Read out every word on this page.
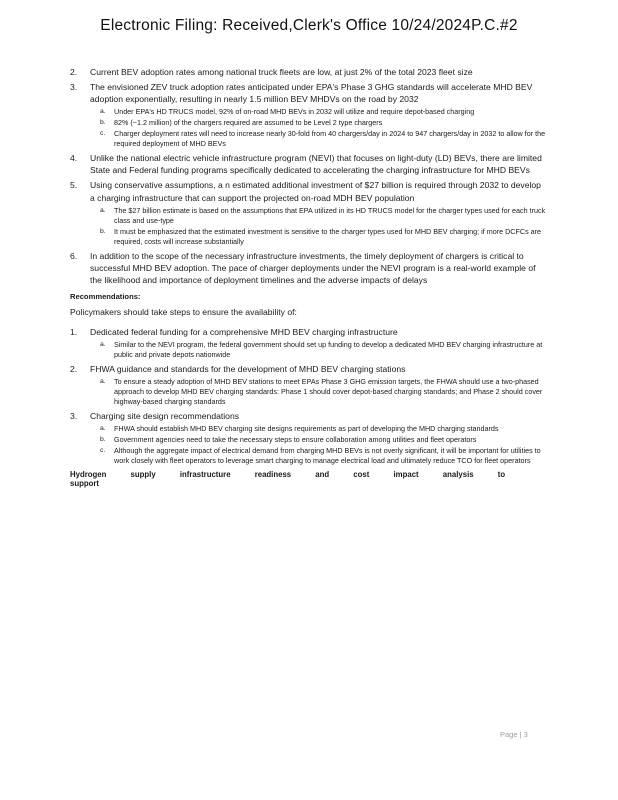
Electronic Filing: Received,Clerk's Office 10/24/2024P.C.#2
2. Current BEV adoption rates among national truck fleets are low, at just 2% of the total 2023 fleet size
3. The envisioned ZEV truck adoption rates anticipated under EPA's Phase 3 GHG standards will accelerate MHD BEV adoption exponentially, resulting in nearly 1.5 million BEV MHDVs on the road by 2032
a. Under EPA's HD TRUCS model, 92% of on-road MHD BEVs in 2032 will utilize and require depot-based charging
b. 82% (~1.2 million) of the chargers required are assumed to be Level 2 type chargers
c. Charger deployment rates will need to increase nearly 30-fold from 40 chargers/day in 2024 to 947 chargers/day in 2032 to allow for the required deployment of MHD BEVs
4. Unlike the national electric vehicle infrastructure program (NEVI) that focuses on light-duty (LD) BEVs, there are limited State and Federal funding programs specifically dedicated to accelerating the charging infrastructure for MHD BEVs
5. Using conservative assumptions, a n estimated additional investment of $27 billion is required through 2032 to develop a charging infrastructure that can support the projected on-road MDH BEV population
a. The $27 billion estimate is based on the assumptions that EPA utilized in its HD TRUCS model for the charger types used for each truck class and use-type
b. It must be emphasized that the estimated investment is sensitive to the charger types used for MHD BEV charging; if more DCFCs are required, costs will increase substantially
6. In addition to the scope of the necessary infrastructure investments, the timely deployment of chargers is critical to successful MHD BEV adoption. The pace of charger deployments under the NEVI program is a real-world example of the likelihood and importance of deployment timelines and the adverse impacts of delays

Recommendations:

Policymakers should take steps to ensure the availability of:

1. Dedicated federal funding for a comprehensive MHD BEV charging infrastructure
a. Similar to the NEVI program, the federal government should set up funding to develop a dedicated MHD BEV charging infrastructure at public and private depots nationwide
2. FHWA guidance and standards for the development of MHD BEV charging stations
a. To ensure a steady adoption of MHD BEV stations to meet EPAs Phase 3 GHG emission targets, the FHWA should use a two-phased approach to develop MHD BEV charging standards: Phase 1 should cover depot-based charging standards; and Phase 2 should cover highway-based charging standards
3. Charging site design recommendations
a. FHWA should establish MHD BEV charging site designs requirements as part of developing the MHD charging standards
b. Government agencies need to take the necessary steps to ensure collaboration among utilities and fleet operators
c. Although the aggregate impact of electrical demand from charging MHD BEVs is not overly significant, it will be important for utilities to work closely with fleet operators to leverage smart charging to manage electrical load and ultimately reduce TCO for fleet operators
Hydrogen supply infrastructure readiness and cost impact analysis to support
Page | 3
